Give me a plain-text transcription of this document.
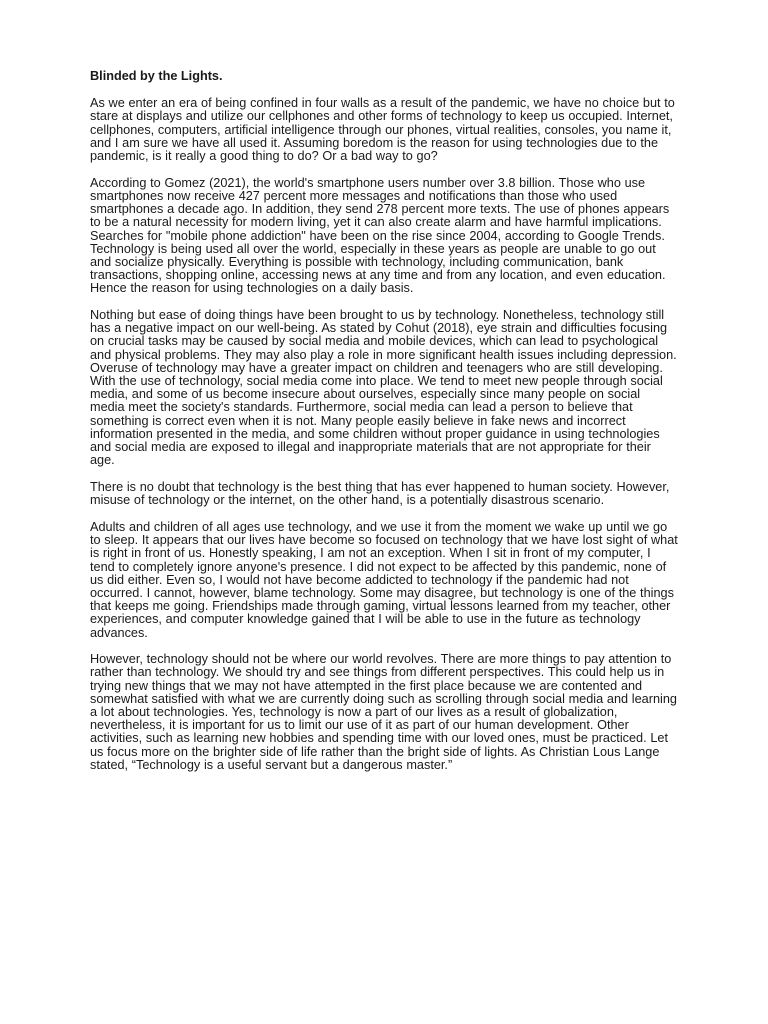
Blinded by the Lights.

As we enter an era of being confined in four walls as a result of the pandemic, we have no choice but to stare at displays and utilize our cellphones and other forms of technology to keep us occupied. Internet, cellphones, computers, artificial intelligence through our phones, virtual realities, consoles, you name it, and I am sure we have all used it. Assuming boredom is the reason for using technologies due to the pandemic, is it really a good thing to do? Or a bad way to go?

According to Gomez (2021), the world's smartphone users number over 3.8 billion. Those who use smartphones now receive 427 percent more messages and notifications than those who used smartphones a decade ago. In addition, they send 278 percent more texts. The use of phones appears to be a natural necessity for modern living, yet it can also create alarm and have harmful implications. Searches for "mobile phone addiction" have been on the rise since 2004, according to Google Trends. Technology is being used all over the world, especially in these years as people are unable to go out and socialize physically. Everything is possible with technology, including communication, bank transactions, shopping online, accessing news at any time and from any location, and even education. Hence the reason for using technologies on a daily basis.

Nothing but ease of doing things have been brought to us by technology. Nonetheless, technology still has a negative impact on our well-being. As stated by Cohut (2018), eye strain and difficulties focusing on crucial tasks may be caused by social media and mobile devices, which can lead to psychological and physical problems. They may also play a role in more significant health issues including depression. Overuse of technology may have a greater impact on children and teenagers who are still developing. With the use of technology, social media come into place. We tend to meet new people through social media, and some of us become insecure about ourselves, especially since many people on social media meet the society's standards. Furthermore, social media can lead a person to believe that something is correct even when it is not. Many people easily believe in fake news and incorrect information presented in the media, and some children without proper guidance in using technologies and social media are exposed to illegal and inappropriate materials that are not appropriate for their age.

There is no doubt that technology is the best thing that has ever happened to human society. However, misuse of technology or the internet, on the other hand, is a potentially disastrous scenario.

Adults and children of all ages use technology, and we use it from the moment we wake up until we go to sleep. It appears that our lives have become so focused on technology that we have lost sight of what is right in front of us. Honestly speaking, I am not an exception. When I sit in front of my computer, I tend to completely ignore anyone's presence. I did not expect to be affected by this pandemic, none of us did either. Even so, I would not have become addicted to technology if the pandemic had not occurred. I cannot, however, blame technology. Some may disagree, but technology is one of the things that keeps me going. Friendships made through gaming, virtual lessons learned from my teacher, other experiences, and computer knowledge gained that I will be able to use in the future as technology advances.

However, technology should not be where our world revolves. There are more things to pay attention to rather than technology. We should try and see things from different perspectives. This could help us in trying new things that we may not have attempted in the first place because we are contented and somewhat satisfied with what we are currently doing such as scrolling through social media and learning a lot about technologies. Yes, technology is now a part of our lives as a result of globalization, nevertheless, it is important for us to limit our use of it as part of our human development. Other activities, such as learning new hobbies and spending time with our loved ones, must be practiced. Let us focus more on the brighter side of life rather than the bright side of lights. As Christian Lous Lange stated, “Technology is a useful servant but a dangerous master.”
